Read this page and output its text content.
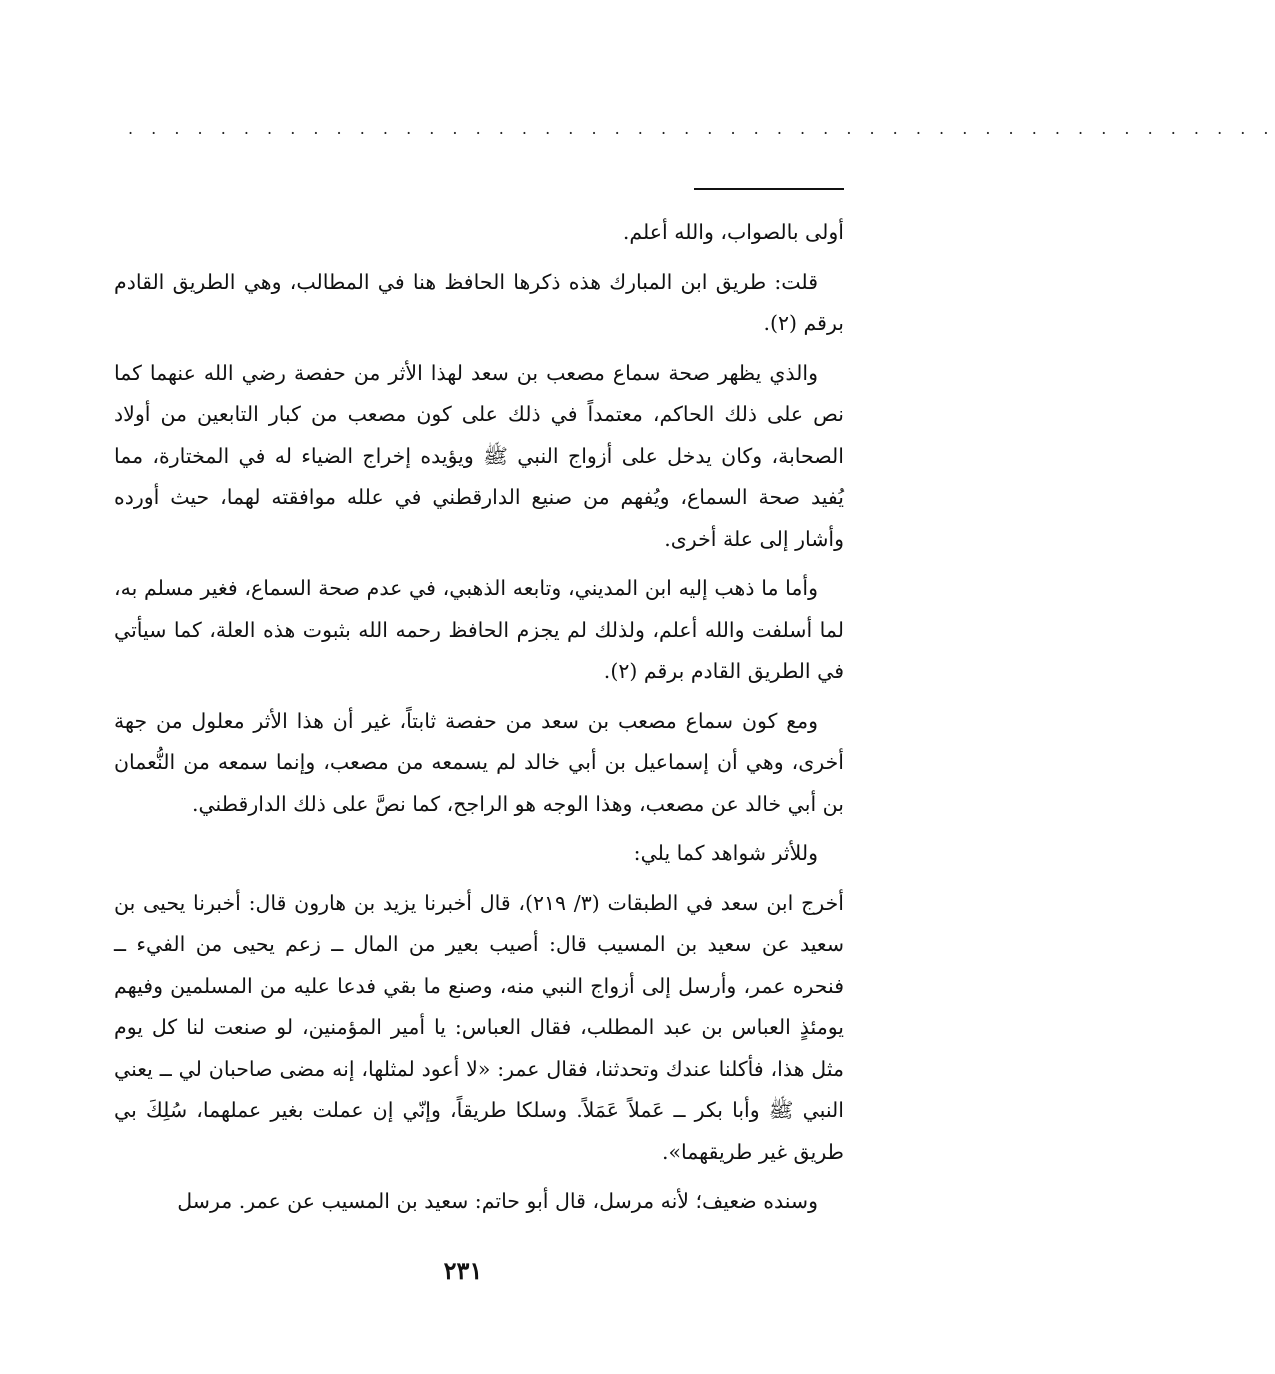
. . . . . . . . . . . . . . . . . . . . . . . . . . . . . . . . . . . . . . . . . . . . . . . . . .

أولى بالصواب، والله أعلم.

قلت: طريق ابن المبارك هذه ذكرها الحافظ هنا في المطالب، وهي الطريق القادم برقم (٢).

والذي يظهر صحة سماع مصعب بن سعد لهذا الأثر من حفصة رضي الله عنهما كما نص على ذلك الحاكم، معتمداً في ذلك على كون مصعب من كبار التابعين من أولاد الصحابة، وكان يدخل على أزواج النبي ﷺ ويؤيده إخراج الضياء له في المختارة، مما يُفيد صحة السماع، ويُفهم من صنيع الدارقطني في علله موافقته لهما، حيث أورده وأشار إلى علة أخرى.

وأما ما ذهب إليه ابن المديني، وتابعه الذهبي، في عدم صحة السماع، فغير مسلم به، لما أسلفت والله أعلم، ولذلك لم يجزم الحافظ رحمه الله بثبوت هذه العلة، كما سيأتي في الطريق القادم برقم (٢).

ومع كون سماع مصعب بن سعد من حفصة ثابتاً، غير أن هذا الأثر معلول من جهة أخرى، وهي أن إسماعيل بن أبي خالد لم يسمعه من مصعب، وإنما سمعه من النُّعمان بن أبي خالد عن مصعب، وهذا الوجه هو الراجح، كما نصَّ على ذلك الدارقطني.

وللأثر شواهد كما يلي:

أخرج ابن سعد في الطبقات (٣/ ٢١٩)، قال أخبرنا يزيد بن هارون قال: أخبرنا يحيى بن سعيد عن سعيد بن المسيب قال: أصيب بعير من المال ــ زعم يحيى من الفيء ــ فنحره عمر، وأرسل إلى أزواج النبي منه، وصنع ما بقي فدعا عليه من المسلمين وفيهم يومئذٍ العباس بن عبد المطلب، فقال العباس: يا أمير المؤمنين، لو صنعت لنا كل يوم مثل هذا، فأكلنا عندك وتحدثنا، فقال عمر: «لا أعود لمثلها، إنه مضى صاحبان لي ــ يعني النبي ﷺ وأبا بكر ــ عَملاً عَمَلاً. وسلكا طريقاً، وإنّي إن عملت بغير عملهما، سُلِكَ بي طريق غير طريقهما».

وسنده ضعيف؛ لأنه مرسل، قال أبو حاتم: سعيد بن المسيب عن عمر. مرسل

٢٣١
